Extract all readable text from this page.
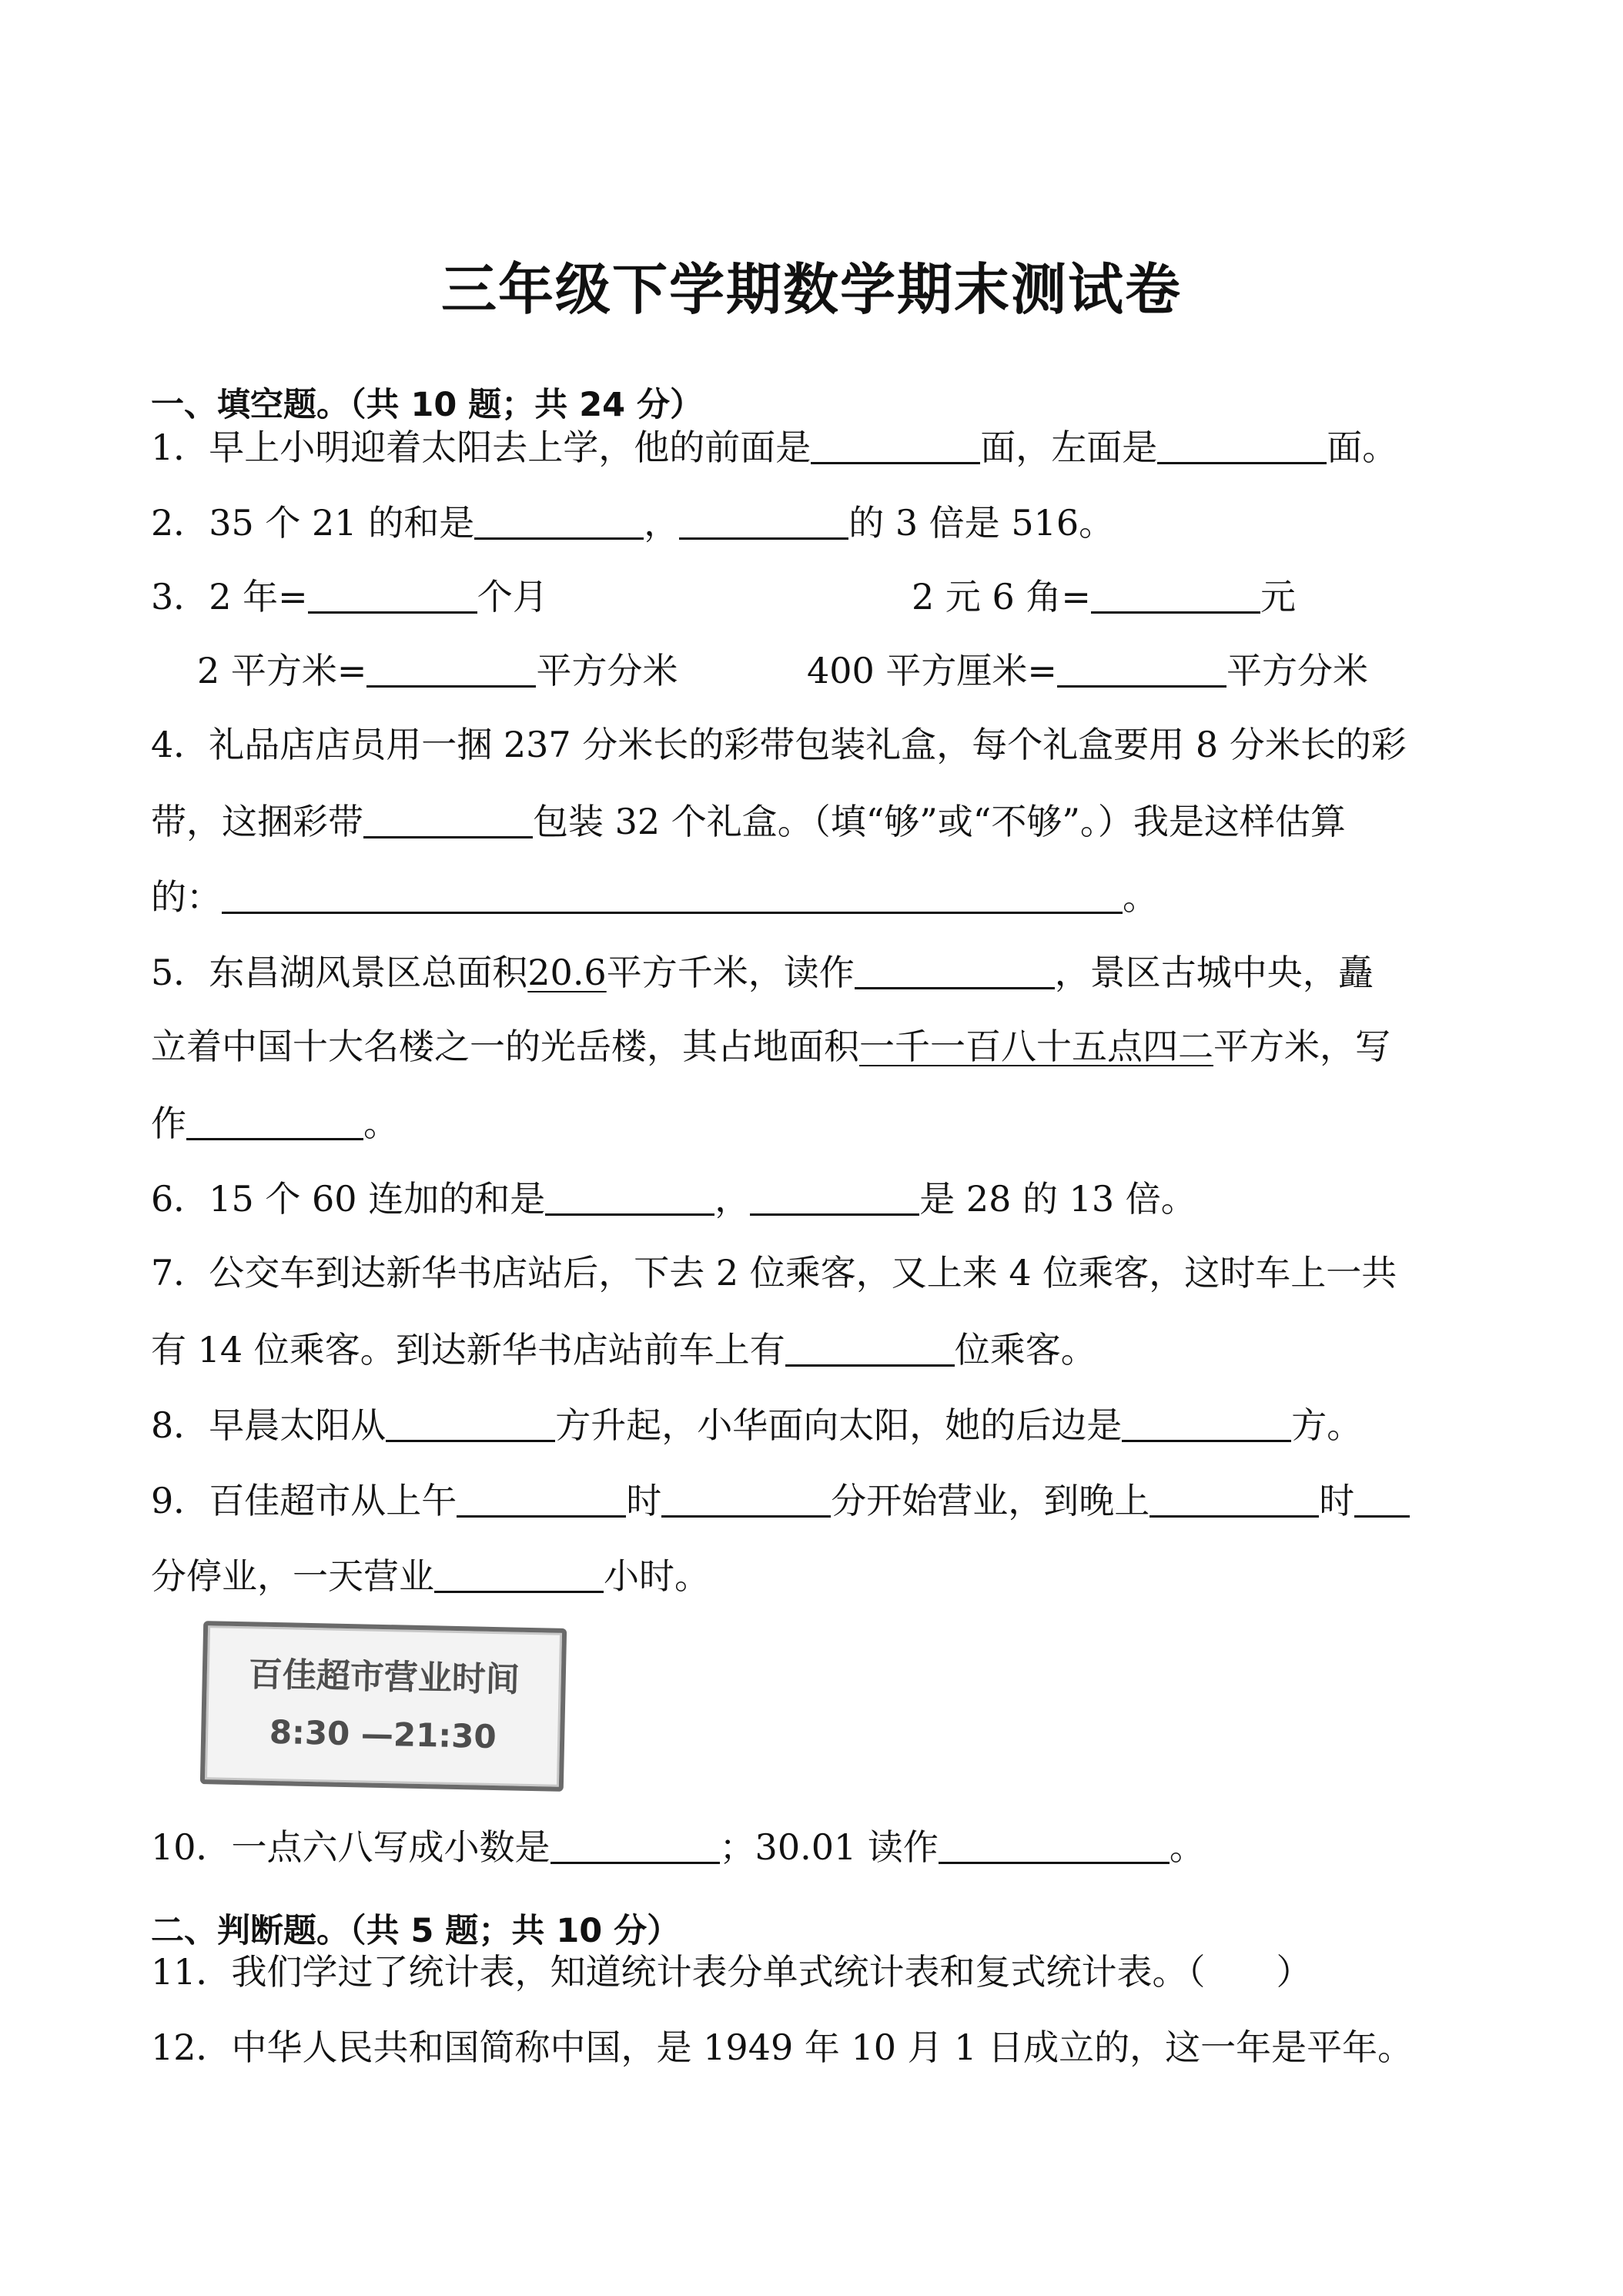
三年级下学期数学期末测试卷
一、填空题。（共 10 题；共 24 分）
1．早上小明迎着太阳去上学，他的前面是	面，左面是	面。
2．35 个 21 的和是	，	的 3 倍是 516。
3．2 年=	个月	2 元 6 角=	元
2 平方米=	平方分米	400 平方厘米=	平方分米
4．礼品店店员用一捆 237 分米长的彩带包装礼盒，每个礼盒要用 8 分米长的彩
带，这捆彩带	包装 32 个礼盒。（填“够”或“不够”。）我是这样估算
的：	。
5．东昌湖风景区总面积20.6平方千米，读作	，景区古城中央，矗
立着中国十大名楼之一的光岳楼，其占地面积一千一百八十五点四二平方米，写
作	。
6．15 个 60 连加的和是	，	是 28 的 13 倍。
7．公交车到达新华书店站后，下去 2 位乘客，又上来 4 位乘客，这时车上一共
有 14 位乘客。到达新华书店站前车上有	位乘客。
8．早晨太阳从	方升起，小华面向太阳，她的后边是	方。
9．百佳超市从上午	时	分开始营业，到晚上	时
分停业，一天营业	小时。
百佳超市营业时间
8:30 —21:30
10．一点六八写成小数是	；30.01 读作	。
二、判断题。（共 5 题；共 10 分）
11．我们学过了统计表，知道统计表分单式统计表和复式统计表。（　　）
12．中华人民共和国简称中国，是 1949 年 10 月 1 日成立的，这一年是平年。
